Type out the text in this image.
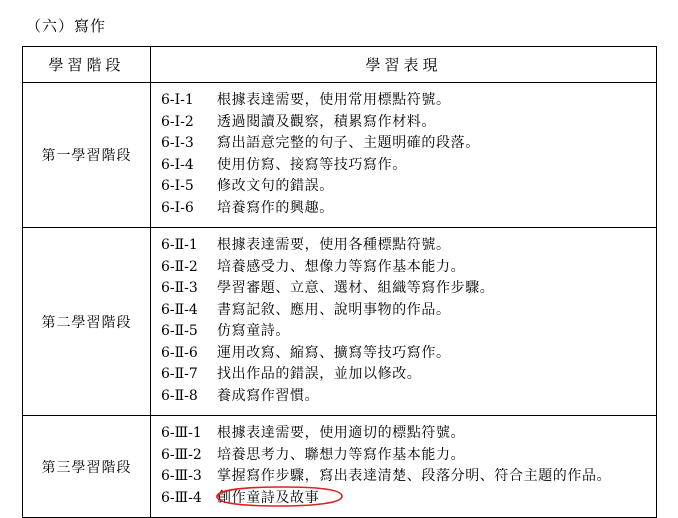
（六）寫作
學習階段	學習表現
第一學習階段	
6-I-1	根據表達需要，使用常用標點符號。
6-I-2	透過閱讀及觀察，積累寫作材料。
6-I-3	寫出語意完整的句子、主題明確的段落。
6-I-4	使用仿寫、接寫等技巧寫作。
6-I-5	修改文句的錯誤。
6-I-6	培養寫作的興趣。

第二學習階段	
6-Ⅱ-1	根據表達需要，使用各種標點符號。
6-Ⅱ-2	培養感受力、想像力等寫作基本能力。
6-Ⅱ-3	學習審題、立意、選材、組織等寫作步驟。
6-Ⅱ-4	書寫記敘、應用、說明事物的作品。
6-Ⅱ-5	仿寫童詩。
6-Ⅱ-6	運用改寫、縮寫、擴寫等技巧寫作。
6-Ⅱ-7	找出作品的錯誤，並加以修改。
6-Ⅱ-8	養成寫作習慣。

第三學習階段	
6-Ⅲ-1	根據表達需要，使用適切的標點符號。
6-Ⅲ-2	培養思考力、聯想力等寫作基本能力。
6-Ⅲ-3	掌握寫作步驟，寫出表達清楚、段落分明、符合主題的作品。
6-Ⅲ-4	創作童詩及故事
